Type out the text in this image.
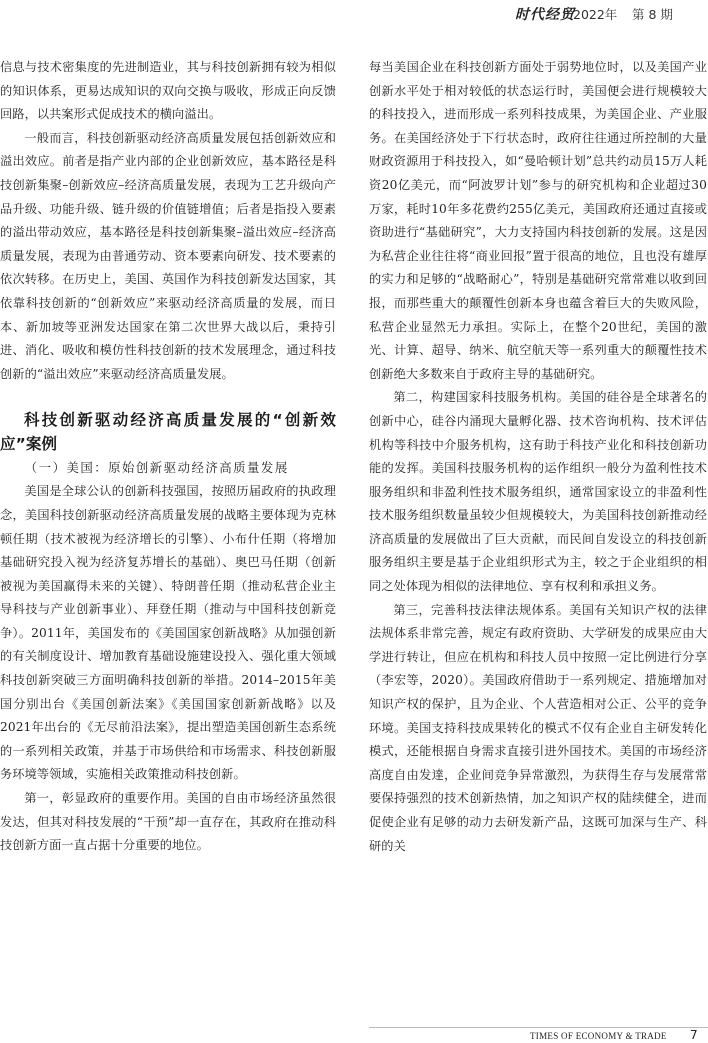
时代经贸
2022年 第 8 期

信息与技术密集度的先进制造业，其与科技创新拥有较为相似的知识体系，更易达成知识的双向交换与吸收，形成正向反馈回路，以共案形式促成技术的横向溢出。

一般而言，科技创新驱动经济高质量发展包括创新效应和溢出效应。前者是指产业内部的企业创新效应，基本路径是科技创新集聚–创新效应–经济高质量发展，表现为工艺升级向产品升级、功能升级、链升级的价值链增值；后者是指投入要素的溢出带动效应，基本路径是科技创新集聚–溢出效应–经济高质量发展，表现为由普通劳动、资本要素向研发、技术要素的依次转移。在历史上，美国、英国作为科技创新发达国家，其依靠科技创新的“创新效应”来驱动经济高质量的发展，而日本、新加坡等亚洲发达国家在第二次世界大战以后，秉持引进、消化、吸收和模仿性科技创新的技术发展理念，通过科技创新的“溢出效应”来驱动经济高质量发展。

科技创新驱动经济高质量发展的“创新效应”案例
（一）美国：原始创新驱动经济高质量发展

美国是全球公认的创新科技强国，按照历届政府的执政理念，美国科技创新驱动经济高质量发展的战略主要体现为克林顿任期（技术被视为经济增长的引擎）、小布什任期（将增加基础研究投入视为经济复苏增长的基础）、奥巴马任期（创新被视为美国赢得未来的关键）、特朗普任期（推动私营企业主导科技与产业创新事业）、拜登任期（推动与中国科技创新竞争）。2011年，美国发布的《美国国家创新战略》从加强创新的有关制度设计、增加教育基础设施建设投入、强化重大领域科技创新突破三方面明确科技创新的举措。2014–2015年美国分别出台《美国创新法案》《美国国家创新新战略》以及2021年出台的《无尽前沿法案》，提出塑造美国创新生态系统的一系列相关政策，并基于市场供给和市场需求、科技创新服务环境等领域，实施相关政策推动科技创新。

第一，彰显政府的重要作用。美国的自由市场经济虽然很发达，但其对科技发展的“干预”却一直存在，其政府在推动科技创新方面一直占据十分重要的地位。

每当美国企业在科技创新方面处于弱势地位时，以及美国产业创新水平处于相对较低的状态运行时，美国便会进行规模较大的科技投入，进而形成一系列科技成果，为美国企业、产业服务。在美国经济处于下行状态时，政府往往通过所控制的大量财政资源用于科技投入，如“曼哈顿计划”总共约动员15万人耗资20亿美元，而“阿波罗计划”参与的研究机构和企业超过30万家，耗时10年多花费约255亿美元，美国政府还通过直接或资助进行“基础研究”，大力支持国内科技创新的发展。这是因为私营企业往往将“商业回报”置于很高的地位，且也没有雄厚的实力和足够的“战略耐心”，特别是基础研究常常难以收到回报，而那些重大的颠覆性创新本身也蕴含着巨大的失败风险，私营企业显然无力承担。实际上，在整个20世纪，美国的激光、计算、超导、纳米、航空航天等一系列重大的颠覆性技术创新绝大多数来自于政府主导的基础研究。

第二，构建国家科技服务机构。美国的硅谷是全球著名的创新中心，硅谷内涌现大量孵化器、技术咨询机构、技术评估机构等科技中介服务机构，这有助于科技产业化和科技创新功能的发挥。美国科技服务机构的运作组织一般分为盈利性技术服务组织和非盈利性技术服务组织，通常国家设立的非盈利性技术服务组织数量虽较少但规模较大，为美国科技创新推动经济高质量的发展做出了巨大贡献，而民间自发设立的科技创新服务组织主要是基于企业组织形式为主，较之于企业组织的相同之处体现为相似的法律地位、享有权利和承担义务。

第三，完善科技法律法规体系。美国有关知识产权的法律法规体系非常完善，规定有政府资助、大学研发的成果应由大学进行转让，但应在机构和科技人员中按照一定比例进行分享（李宏等，2020）。美国政府借助于一系列规定、措施增加对知识产权的保护，且为企业、个人营造相对公正、公平的竞争环境。美国支持科技成果转化的模式不仅有企业自主研发转化模式，还能根据自身需求直接引进外国技术。美国的市场经济高度自由发達，企业间竞争异常激烈，为获得生存与发展常常要保持强烈的技术创新热情，加之知识产权的陆续健全，进而促使企业有足够的动力去研发新产品，这既可加深与生产、科研的关

TIMES OF ECONOMY & TRADE 7
